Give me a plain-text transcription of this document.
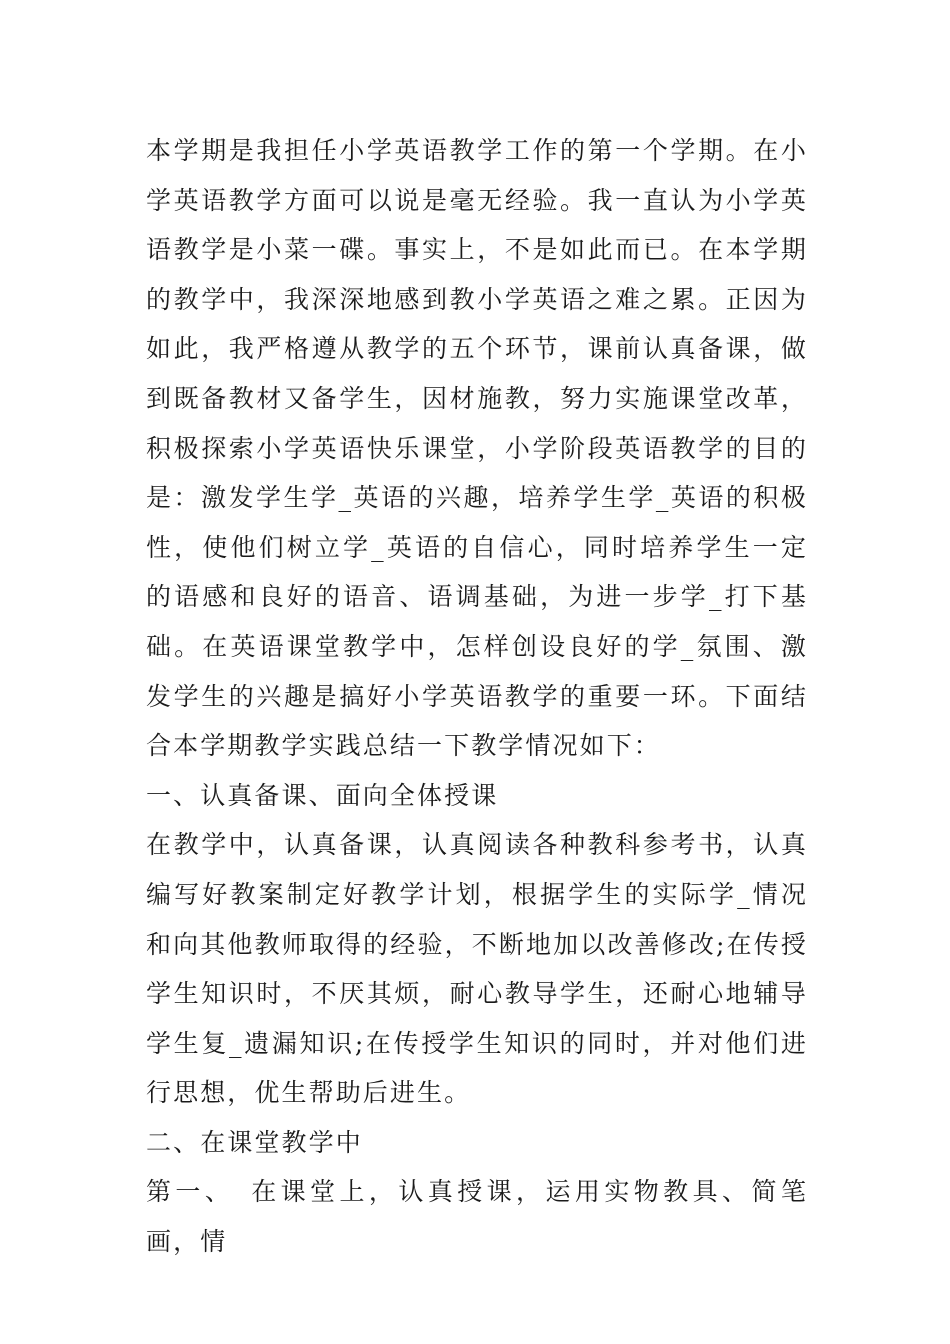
本学期是我担任小学英语教学工作的第一个学期。在小学英语教学方面可以说是毫无经验。我一直认为小学英语教学是小菜一碟。事实上，不是如此而已。在本学期的教学中，我深深地感到教小学英语之难之累。正因为如此，我严格遵从教学的五个环节，课前认真备课，做到既备教材又备学生，因材施教，努力实施课堂改革，积极探索小学英语快乐课堂，小学阶段英语教学的目的是：激发学生学_英语的兴趣，培养学生学_英语的积极性，使他们树立学_英语的自信心，同时培养学生一定的语感和良好的语音、语调基础，为进一步学_打下基础。在英语课堂教学中，怎样创设良好的学_氛围、激发学生的兴趣是搞好小学英语教学的重要一环。下面结合本学期教学实践总结一下教学情况如下：

一、认真备课、面向全体授课

在教学中，认真备课，认真阅读各种教科参考书，认真编写好教案制定好教学计划，根据学生的实际学_情况和向其他教师取得的经验，不断地加以改善修改;在传授学生知识时，不厌其烦，耐心教导学生，还耐心地辅导学生复_遗漏知识;在传授学生知识的同时，并对他们进行思想，优生帮助后进生。

二、在课堂教学中

第一、　在课堂上，认真授课，运用实物教具、简笔画，情
